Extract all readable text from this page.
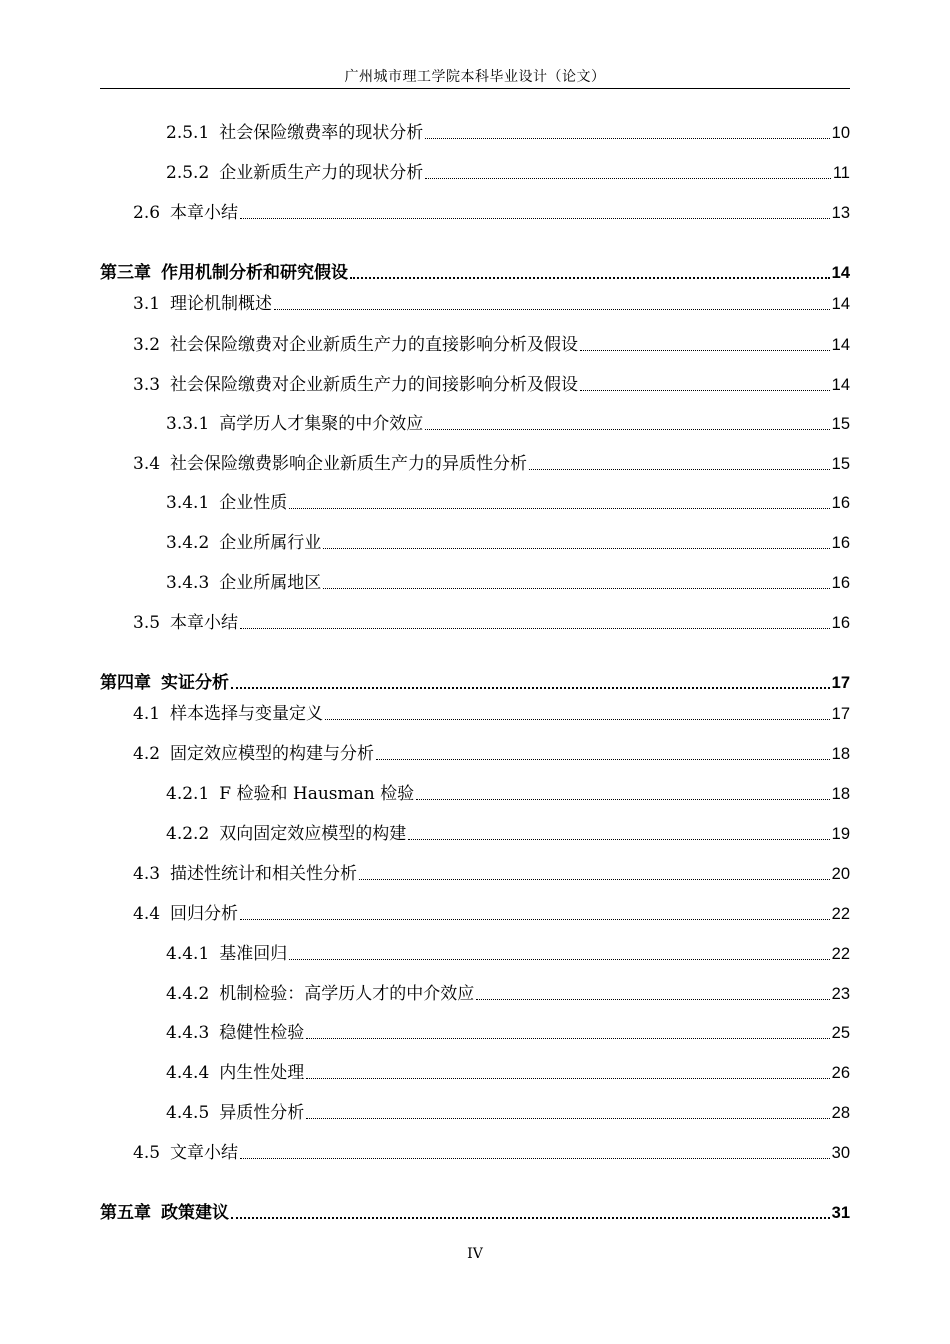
广州城市理工学院本科毕业设计（论文）
2.5.1 社会保险缴费率的现状分析	10
2.5.2 企业新质生产力的现状分析	11
2.6 本章小结	13
第三章 作用机制分析和研究假设	14
3.1 理论机制概述	14
3.2 社会保险缴费对企业新质生产力的直接影响分析及假设	14
3.3 社会保险缴费对企业新质生产力的间接影响分析及假设	14
3.3.1 高学历人才集聚的中介效应	15
3.4 社会保险缴费影响企业新质生产力的异质性分析	15
3.4.1 企业性质	16
3.4.2 企业所属行业	16
3.4.3 企业所属地区	16
3.5 本章小结	16
第四章 实证分析	17
4.1 样本选择与变量定义	17
4.2 固定效应模型的构建与分析	18
4.2.1 F 检验和 Hausman 检验	18
4.2.2 双向固定效应模型的构建	19
4.3 描述性统计和相关性分析	20
4.4 回归分析	22
4.4.1 基准回归	22
4.4.2 机制检验：高学历人才的中介效应	23
4.4.3 稳健性检验	25
4.4.4 内生性处理	26
4.4.5 异质性分析	28
4.5 文章小结	30
第五章 政策建议	31
IV
